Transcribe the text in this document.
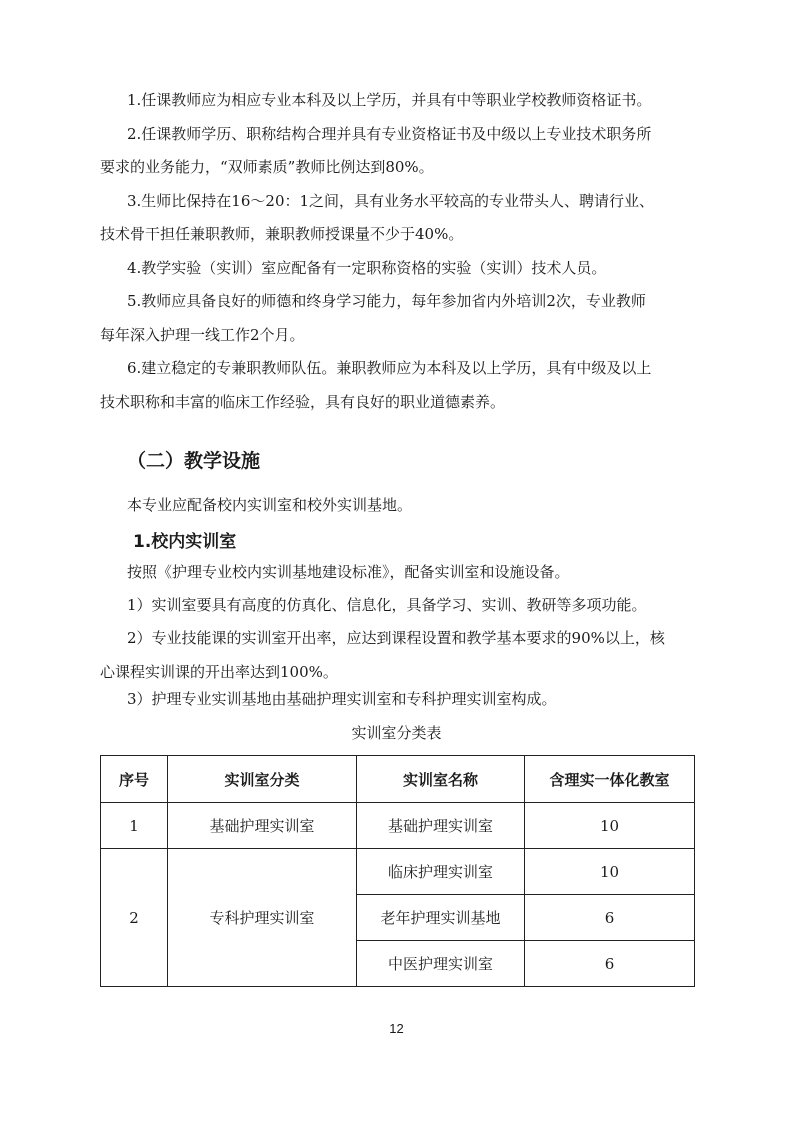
1.任课教师应为相应专业本科及以上学历，并具有中等职业学校教师资格证书。
2.任课教师学历、职称结构合理并具有专业资格证书及中级以上专业技术职务所
要求的业务能力，“双师素质”教师比例达到80%。
3.生师比保持在16～20：1之间，具有业务水平较高的专业带头人、聘请行业、
技术骨干担任兼职教师，兼职教师授课量不少于40%。
4.教学实验（实训）室应配备有一定职称资格的实验（实训）技术人员。
5.教师应具备良好的师德和终身学习能力，每年参加省内外培训2次，专业教师
每年深入护理一线工作2个月。
6.建立稳定的专兼职教师队伍。兼职教师应为本科及以上学历，具有中级及以上
技术职称和丰富的临床工作经验，具有良好的职业道德素养。
（二）教学设施
本专业应配备校内实训室和校外实训基地。
1.校内实训室
按照《护理专业校内实训基地建设标准》，配备实训室和设施设备。
1）实训室要具有高度的仿真化、信息化，具备学习、实训、教研等多项功能。
2）专业技能课的实训室开出率，应达到课程设置和教学基本要求的90%以上，核
心课程实训课的开出率达到100%。
3）护理专业实训基地由基础护理实训室和专科护理实训室构成。
实训室分类表
序号	实训室分类	实训室名称	含理实一体化教室
1	基础护理实训室	基础护理实训室	10
2	专科护理实训室	临床护理实训室	10
		老年护理实训基地	6
		中医护理实训室	6
12
